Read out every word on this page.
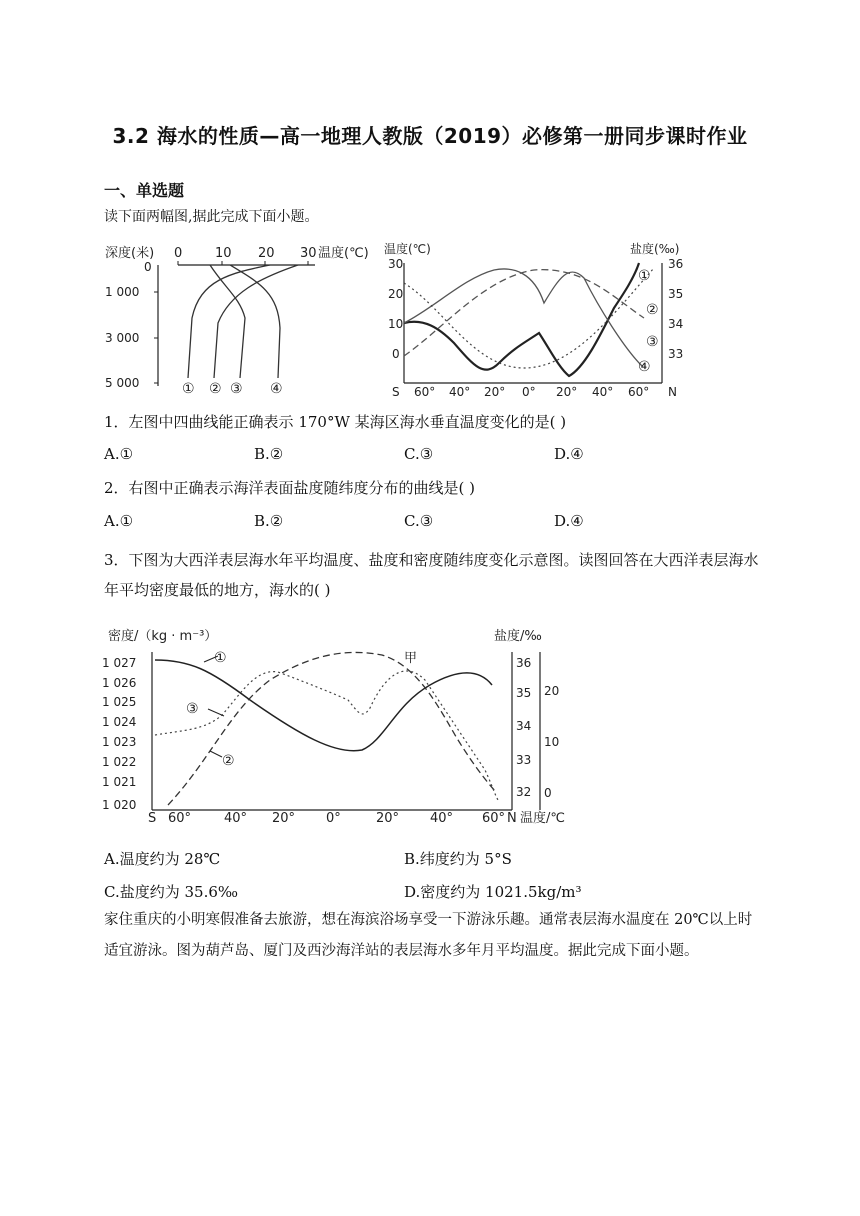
3.2 海水的性质—高一地理人教版（2019）必修第一册同步课时作业
一、单选题
读下面两幅图,据此完成下面小题。
深度(米) 0	10 20 30 温度(℃)
0
1 000
3 000
5 000	① ② ③ ④
温度(℃)	盐度(‰)
30
20
10
0
36
35
34
33
①
②
③
④
S 60° 40° 20° 0° 20° 40° 60° N
1．左图中四曲线能正确表示 170°W 某海区海水垂直温度变化的是( )
A.①	B.②	C.③	D.④
2．右图中正确表示海洋表面盐度随纬度分布的曲线是( )
A.①	B.②	C.③	D.④
3．下图为大西洋表层海水年平均温度、盐度和密度随纬度变化示意图。读图回答在大西洋表层海水年平均密度最低的地方，海水的( )
密度/（kg · m⁻³）	盐度/‰
1 027
1 026
1 025
1 024
1 023
1 022
1 021
1 020
36
35
34
33
32
20
10
0
①
③
②
甲
S 60°	40° 20° 0°	20° 40° 60° N 温度/℃
A.温度约为 28℃	B.纬度约为 5°S
C.盐度约为 35.6‰	D.密度约为 1021.5kg/m³
家住重庆的小明寒假准备去旅游，想在海滨浴场享受一下游泳乐趣。通常表层海水温度在 20℃以上时适宜游泳。图为葫芦岛、厦门及西沙海洋站的表层海水多年月平均温度。据此完成下面小题。
